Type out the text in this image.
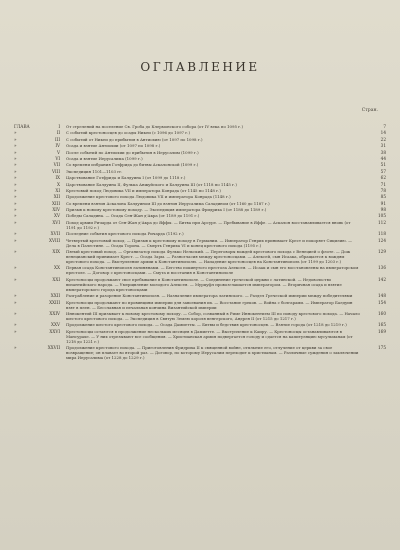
ОГЛАВЛЕНИЕ
Стран.
ГЛАВА	I От стрелений на поселение Св. Гроба до Клермонского собора (от IV века по 1095 г.)	7
»	II С событий крестоносцев до осады Никеи (с 1096 до 1097 г.)	14
»	III С событий от Никеи до прибытия в Антиохию (от 1097 по 1098 г.)	22
»	IV Осада и взятие Антиохии (от 1097 по 1098 г.)	31
»	V После событий по Антиохии до прибытия в Иерусалим (1099 г.)	38
»	VI Осада и взятие Иерусалима (1099 г.)	44
»	VII Со времени избрания Готфрида до битвы Аскалонской (1099 г.)	51
»	VIII Экспедиция 1101—1103 гг.	57
»	IX Царствование Готфрида и Балдуина I (от 1099 до 1118 г.)	62
»	X Царствование Балдуина II, Фулька Анжуйского и Балдуина III (от 1118 по 1145 г.)	71
»	XI Крестовый поход Людовика VII и императора Конрада (от 1145 по 1148 г.)	78
»	XII Продолжение крестового похода Людовика VII и императора Конрада (1148 г.)	85
»	XIII Со времени взятия Аскалона Балдуином III до взятия Иерусалима Саладином (от 1160 до 1187 г.)	91
»	XIV Призыв к новому крестовому походу. — Экспедиция императора Фридриха I (от 1188 до 1189 г.)	98
»	XV Победы Саладина. — Осада Сен-Жан д'Акра (от 1189 до 1191 г.)	105
»	XVI Поход армии Ричарда от Сен-Жан д'Акра до Яффы. — Битва при Арсуре. — Пребывание в Яффе. — Аскалон восстанавливается вновь (от 1191 до 1192 г.)
112
»	XVII Последние события крестового похода Ричарда (1192 г.)	118
»	XVIII Четвертый крестовый поход. — Призыв к крестовому походу в Германии. — Император Генрих принимает Крест и покоряет Сицилию. — Дела в Палестине. — Осада Торона. — Смерть Генриха VI и конец крестового похода (1195 г.)
124
»	XIX Пятый крестовый поход. — Организатор похода Фулько Нельский. — Переговоры вождей крестового похода с Венецией о флоте. — Дож венецианский принимает Крест. — Осада Зары. — Разногласия между крестоносцами. — Алексей, сын Исаака, обращается к вождям крестового похода. — Выступление армии к Константинополю. — Нападение крестоносцев на Константинополь (от 1199 до 1203 г.)
129
»	XX Первая осада Константинополя латинянами. — Бегство покинутого престола Алексея. — Исаак и сын его восстановлены на императорском престоле. — Договор с крестоносцами. — Смута и восстания в Константинополе
136
»	XXI Крестоносцы продолжают свое пребывание в Константинополе. — Соединение греческой церкви с латинской. — Недовольство византийского народа. — Умерщвление молодого Алексея. — Мурцуфл провозглашается императором. — Вторичная осада и взятие императорского города крестоносцами
142
»	XXII Разграбление и разорение Константинополя. — Назначение императора латинского. — Раздел Греческой империи между победителями	148
»	XXIII Крестоносцы продолжают по провинциям империи для завоевания их. — Восстание греков. — Война с болгарами. — Император Балдуин взят в плен. — Бесславная и печальная кончина Византийской империи
154
»	XXIV Иннокентий III призывает к новому крестовому походу. — Собор, созванный в Риме Иннокентием III по поводу крестового похода. — Начало шестого крестового похода. — Экспедиция в Святую Землю короля венгерского, Андрея II (от 1215 до 1217 г.)
160
»	XXV Продолжение шестого крестового похода. — Осада Дамиетты. — Битвы и бедствия крестоносцев. — Взятие города (от 1218 до 1219 г.)	165
»	XXVI Крестоносцы остаются в продолжение нескольких месяцев в Дамиетте. — Выступление к Каиру. — Крестоносцы останавливаются в Мансурахе. — У них отрезывают все сообщения. — Христианская армия подвергается голоду и сдается на капитуляцию мусульманам (от 1218 до 1221 г.)
169
»	XXVII Продолжение крестового похода. — Приготовления Фридриха II к священной войне, отплытие его, отлучение от церкви за свое возвращение; он плавает во второй раз. — Договор, по которому Иерусалим переходит к христианам. — Различные суждения о заключении мира Иерусалима (от 1228 до 1229 г.)
175
